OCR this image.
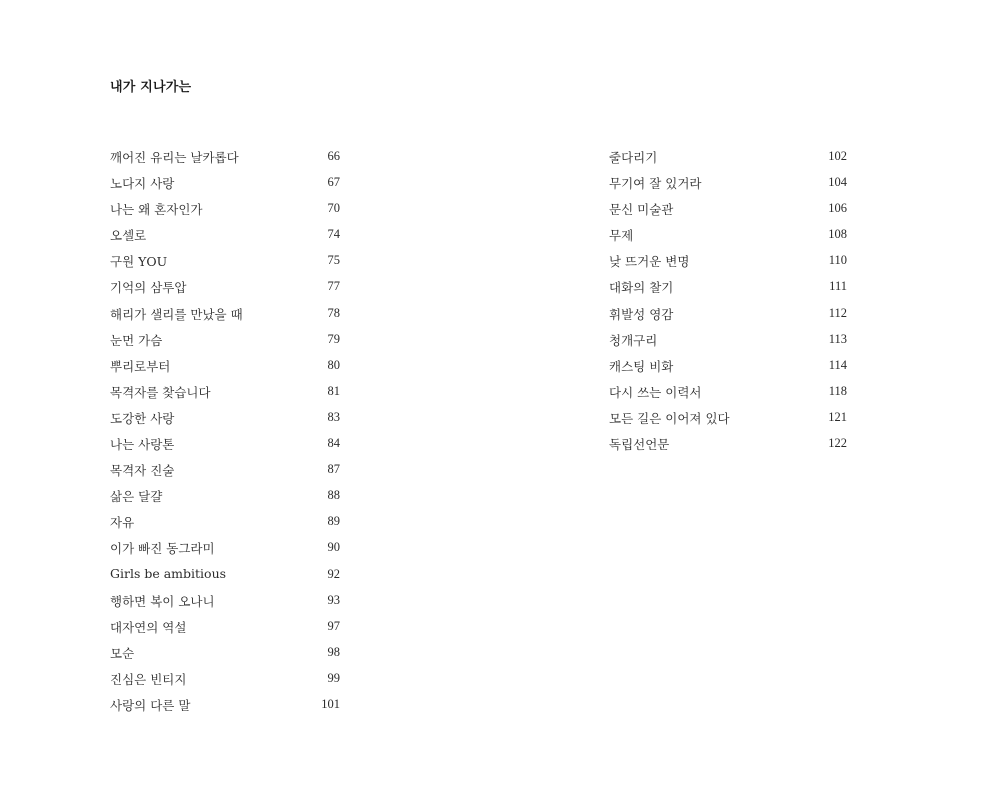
내가 지나가는
깨어진 유리는 날카롭다	66
노다지 사랑	67
나는 왜 혼자인가	70
오셀로	74
구원 YOU	75
기억의 삼투압	77
해리가 샐리를 만났을 때	78
눈먼 가슴	79
뿌리로부터	80
목격자를 찾습니다	81
도강한 사랑	83
나는 사랑톤	84
목격자 진술	87
삶은 달걀	88
자유	89
이가 빠진 동그라미	90
Girls be ambitious	92
행하면 복이 오나니	93
대자연의 역설	97
모순	98
진심은 빈티지	99
사랑의 다른 말	101
줄다리기	102
무기여 잘 있거라	104
문신 미술관	106
무제	108
낮 뜨거운 변명	110
대화의 찰기	111
휘발성 영감	112
청개구리	113
캐스팅 비화	114
다시 쓰는 이력서	118
모든 길은 이어져 있다	121
독립선언문	122
